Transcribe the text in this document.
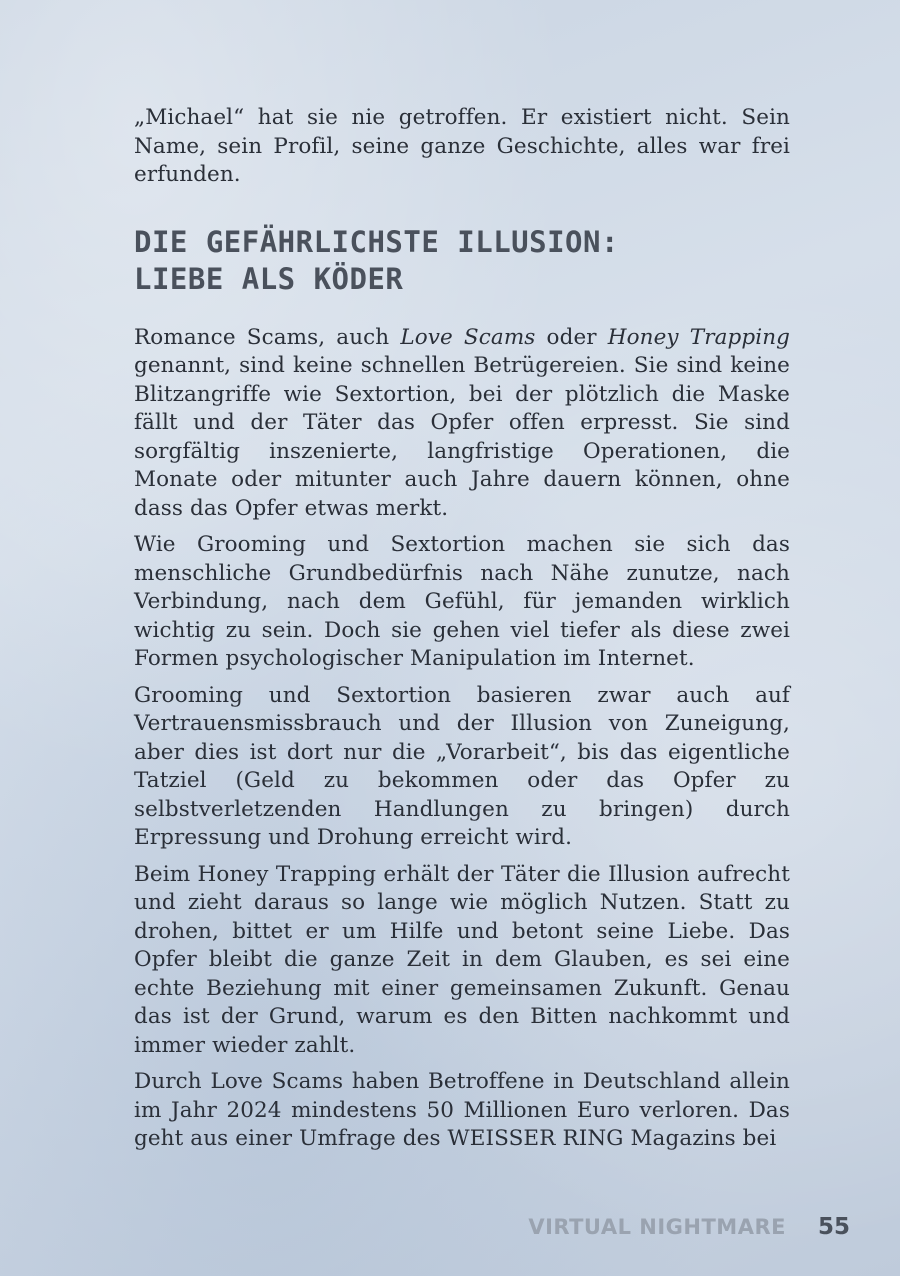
„Michael“ hat sie nie getroffen. Er existiert nicht. Sein Name, sein Profil, seine ganze Geschichte, alles war frei erfunden.

DIE GEFÄHRLICHSTE ILLUSION:
LIEBE ALS KÖDER

Romance Scams, auch Love Scams oder Honey Trapping genannt, sind keine schnellen Betrügereien. Sie sind keine Blitzangriffe wie Sextortion, bei der plötzlich die Maske fällt und der Täter das Opfer offen erpresst. Sie sind sorgfältig inszenierte, langfristige Operationen, die Monate oder mitunter auch Jahre dauern können, ohne dass das Opfer etwas merkt.

Wie Grooming und Sextortion machen sie sich das menschliche Grundbedürfnis nach Nähe zunutze, nach Verbindung, nach dem Gefühl, für jemanden wirklich wichtig zu sein. Doch sie gehen viel tiefer als diese zwei Formen psychologischer Manipulation im Internet.

Grooming und Sextortion basieren zwar auch auf Vertrauensmissbrauch und der Illusion von Zuneigung, aber dies ist dort nur die „Vorarbeit“, bis das eigentliche Tatziel (Geld zu bekommen oder das Opfer zu selbstverletzenden Handlungen zu bringen) durch Erpressung und Drohung erreicht wird.

Beim Honey Trapping erhält der Täter die Illusion aufrecht und zieht daraus so lange wie möglich Nutzen. Statt zu drohen, bittet er um Hilfe und betont seine Liebe. Das Opfer bleibt die ganze Zeit in dem Glauben, es sei eine echte Beziehung mit einer gemeinsamen Zukunft. Genau das ist der Grund, warum es den Bitten nachkommt und immer wieder zahlt.

Durch Love Scams haben Betroffene in Deutschland allein im Jahr 2024 mindestens 50 Millionen Euro verloren. Das geht aus einer Umfrage des WEISSER RING Magazins bei

VIRTUAL NIGHTMARE 55
